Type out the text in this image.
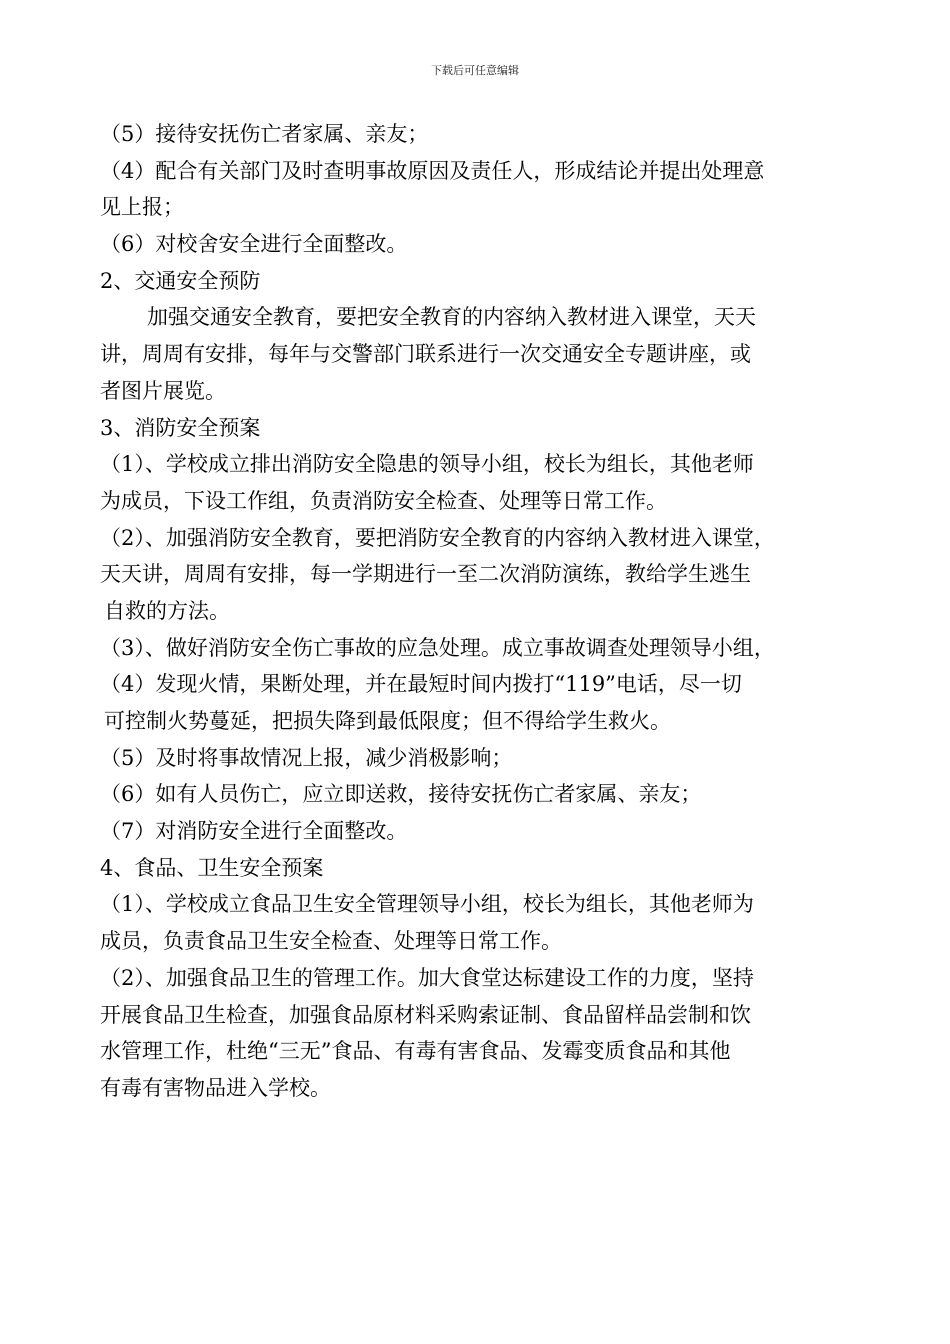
下载后可任意编辑
（5）接待安抚伤亡者家属、亲友；
（4）配合有关部门及时查明事故原因及责任人，形成结论并提出处理意
见上报；
（6）对校舍安全进行全面整改。
2、交通安全预防
加强交通安全教育，要把安全教育的内容纳入教材进入课堂，天天
讲，周周有安排，每年与交警部门联系进行一次交通安全专题讲座，或
者图片展览。
3、消防安全预案
（1）、学校成立排出消防安全隐患的领导小组，校长为组长，其他老师
为成员，下设工作组，负责消防安全检查、处理等日常工作。
（2）、加强消防安全教育，要把消防安全教育的内容纳入教材进入课堂，
天天讲，周周有安排，每一学期进行一至二次消防演练，教给学生逃生
自救的方法。
（3）、做好消防安全伤亡事故的应急处理。成立事故调查处理领导小组，
（4）发现火情，果断处理，并在最短时间内拨打“119”电话，尽一切
可控制火势蔓延，把损失降到最低限度；但不得给学生救火。
（5）及时将事故情况上报，减少消极影响；
（6）如有人员伤亡，应立即送救，接待安抚伤亡者家属、亲友；
（7）对消防安全进行全面整改。
4、食品、卫生安全预案
（1）、学校成立食品卫生安全管理领导小组，校长为组长，其他老师为
成员，负责食品卫生安全检查、处理等日常工作。
（2）、加强食品卫生的管理工作。加大食堂达标建设工作的力度，坚持
开展食品卫生检查，加强食品原材料采购索证制、食品留样品尝制和饮
水管理工作，杜绝“三无”食品、有毒有害食品、发霉变质食品和其他
有毒有害物品进入学校。
